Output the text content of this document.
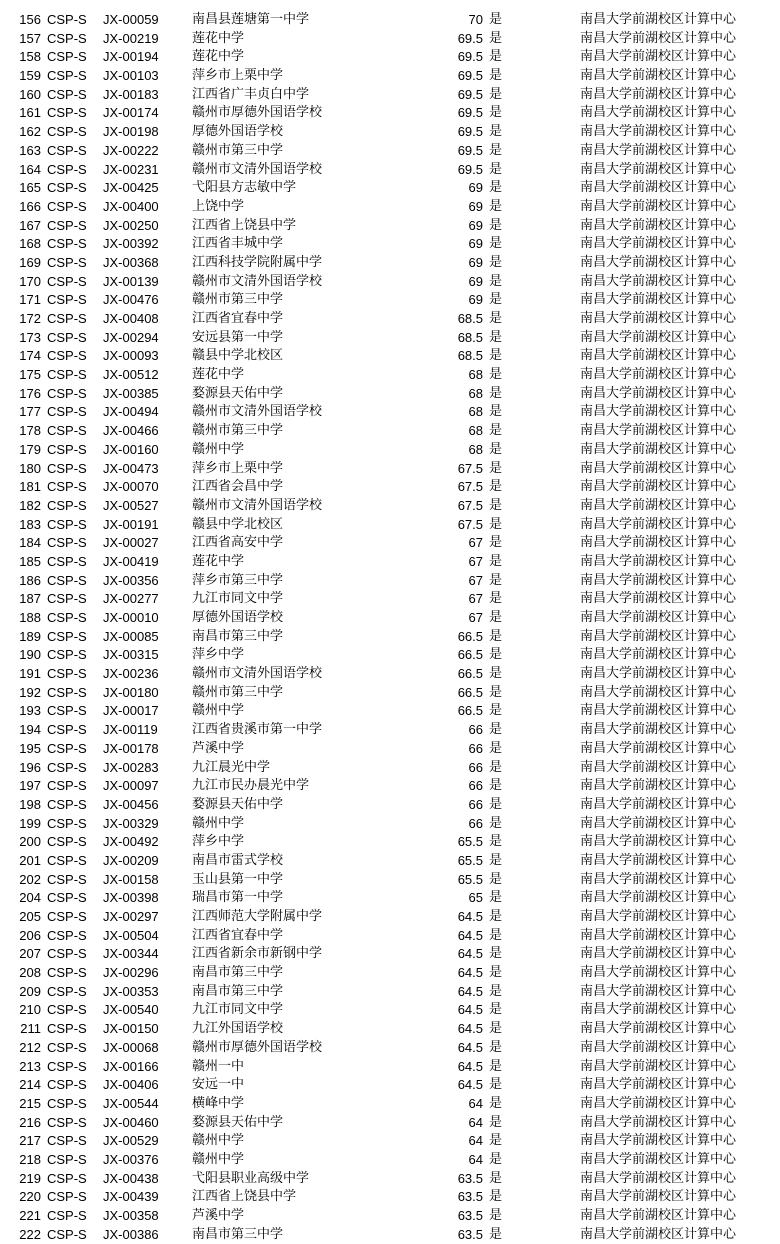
156 CSP-S JX-00059	南昌县莲塘第一中学	70 是	南昌大学前湖校区计算中心
157 CSP-S JX-00219	莲花中学	69.5 是	南昌大学前湖校区计算中心
158 CSP-S JX-00194	莲花中学	69.5 是	南昌大学前湖校区计算中心
159 CSP-S JX-00103	萍乡市上栗中学	69.5 是	南昌大学前湖校区计算中心
160 CSP-S JX-00183	江西省广丰贞白中学	69.5 是	南昌大学前湖校区计算中心
161 CSP-S JX-00174	赣州市厚德外国语学校	69.5 是	南昌大学前湖校区计算中心
162 CSP-S JX-00198	厚德外国语学校	69.5 是	南昌大学前湖校区计算中心
163 CSP-S JX-00222	赣州市第三中学	69.5 是	南昌大学前湖校区计算中心
164 CSP-S JX-00231	赣州市文清外国语学校	69.5 是	南昌大学前湖校区计算中心
165 CSP-S JX-00425	弋阳县方志敏中学	69 是	南昌大学前湖校区计算中心
166 CSP-S JX-00400	上饶中学	69 是	南昌大学前湖校区计算中心
167 CSP-S JX-00250	江西省上饶县中学	69 是	南昌大学前湖校区计算中心
168 CSP-S JX-00392	江西省丰城中学	69 是	南昌大学前湖校区计算中心
169 CSP-S JX-00368	江西科技学院附属中学	69 是	南昌大学前湖校区计算中心
170 CSP-S JX-00139	赣州市文清外国语学校	69 是	南昌大学前湖校区计算中心
171 CSP-S JX-00476	赣州市第三中学	69 是	南昌大学前湖校区计算中心
172 CSP-S JX-00408	江西省宜春中学	68.5 是	南昌大学前湖校区计算中心
173 CSP-S JX-00294	安远县第一中学	68.5 是	南昌大学前湖校区计算中心
174 CSP-S JX-00093	赣县中学北校区	68.5 是	南昌大学前湖校区计算中心
175 CSP-S JX-00512	莲花中学	68 是	南昌大学前湖校区计算中心
176 CSP-S JX-00385	婺源县天佑中学	68 是	南昌大学前湖校区计算中心
177 CSP-S JX-00494	赣州市文清外国语学校	68 是	南昌大学前湖校区计算中心
178 CSP-S JX-00466	赣州市第三中学	68 是	南昌大学前湖校区计算中心
179 CSP-S JX-00160	赣州中学	68 是	南昌大学前湖校区计算中心
180 CSP-S JX-00473	萍乡市上栗中学	67.5 是	南昌大学前湖校区计算中心
181 CSP-S JX-00070	江西省会昌中学	67.5 是	南昌大学前湖校区计算中心
182 CSP-S JX-00527	赣州市文清外国语学校	67.5 是	南昌大学前湖校区计算中心
183 CSP-S JX-00191	赣县中学北校区	67.5 是	南昌大学前湖校区计算中心
184 CSP-S JX-00027	江西省高安中学	67 是	南昌大学前湖校区计算中心
185 CSP-S JX-00419	莲花中学	67 是	南昌大学前湖校区计算中心
186 CSP-S JX-00356	萍乡市第三中学	67 是	南昌大学前湖校区计算中心
187 CSP-S JX-00277	九江市同文中学	67 是	南昌大学前湖校区计算中心
188 CSP-S JX-00010	厚德外国语学校	67 是	南昌大学前湖校区计算中心
189 CSP-S JX-00085	南昌市第三中学	66.5 是	南昌大学前湖校区计算中心
190 CSP-S JX-00315	萍乡中学	66.5 是	南昌大学前湖校区计算中心
191 CSP-S JX-00236	赣州市文清外国语学校	66.5 是	南昌大学前湖校区计算中心
192 CSP-S JX-00180	赣州市第三中学	66.5 是	南昌大学前湖校区计算中心
193 CSP-S JX-00017	赣州中学	66.5 是	南昌大学前湖校区计算中心
194 CSP-S JX-00119	江西省贵溪市第一中学	66 是	南昌大学前湖校区计算中心
195 CSP-S JX-00178	芦溪中学	66 是	南昌大学前湖校区计算中心
196 CSP-S JX-00283	九江晨光中学	66 是	南昌大学前湖校区计算中心
197 CSP-S JX-00097	九江市民办晨光中学	66 是	南昌大学前湖校区计算中心
198 CSP-S JX-00456	婺源县天佑中学	66 是	南昌大学前湖校区计算中心
199 CSP-S JX-00329	赣州中学	66 是	南昌大学前湖校区计算中心
200 CSP-S JX-00492	萍乡中学	65.5 是	南昌大学前湖校区计算中心
201 CSP-S JX-00209	南昌市雷式学校	65.5 是	南昌大学前湖校区计算中心
202 CSP-S JX-00158	玉山县第一中学	65.5 是	南昌大学前湖校区计算中心
204 CSP-S JX-00398	瑞昌市第一中学	65 是	南昌大学前湖校区计算中心
205 CSP-S JX-00297	江西师范大学附属中学	64.5 是	南昌大学前湖校区计算中心
206 CSP-S JX-00504	江西省宜春中学	64.5 是	南昌大学前湖校区计算中心
207 CSP-S JX-00344	江西省新余市新钢中学	64.5 是	南昌大学前湖校区计算中心
208 CSP-S JX-00296	南昌市第三中学	64.5 是	南昌大学前湖校区计算中心
209 CSP-S JX-00353	南昌市第三中学	64.5 是	南昌大学前湖校区计算中心
210 CSP-S JX-00540	九江市同文中学	64.5 是	南昌大学前湖校区计算中心
211 CSP-S JX-00150	九江外国语学校	64.5 是	南昌大学前湖校区计算中心
212 CSP-S JX-00068	赣州市厚德外国语学校	64.5 是	南昌大学前湖校区计算中心
213 CSP-S JX-00166	赣州一中	64.5 是	南昌大学前湖校区计算中心
214 CSP-S JX-00406	安远一中	64.5 是	南昌大学前湖校区计算中心
215 CSP-S JX-00544	横峰中学	64 是	南昌大学前湖校区计算中心
216 CSP-S JX-00460	婺源县天佑中学	64 是	南昌大学前湖校区计算中心
217 CSP-S JX-00529	赣州中学	64 是	南昌大学前湖校区计算中心
218 CSP-S JX-00376	赣州中学	64 是	南昌大学前湖校区计算中心
219 CSP-S JX-00438	弋阳县职业高级中学	63.5 是	南昌大学前湖校区计算中心
220 CSP-S JX-00439	江西省上饶县中学	63.5 是	南昌大学前湖校区计算中心
221 CSP-S JX-00358	芦溪中学	63.5 是	南昌大学前湖校区计算中心
222 CSP-S JX-00386	南昌市第三中学	63.5 是	南昌大学前湖校区计算中心
